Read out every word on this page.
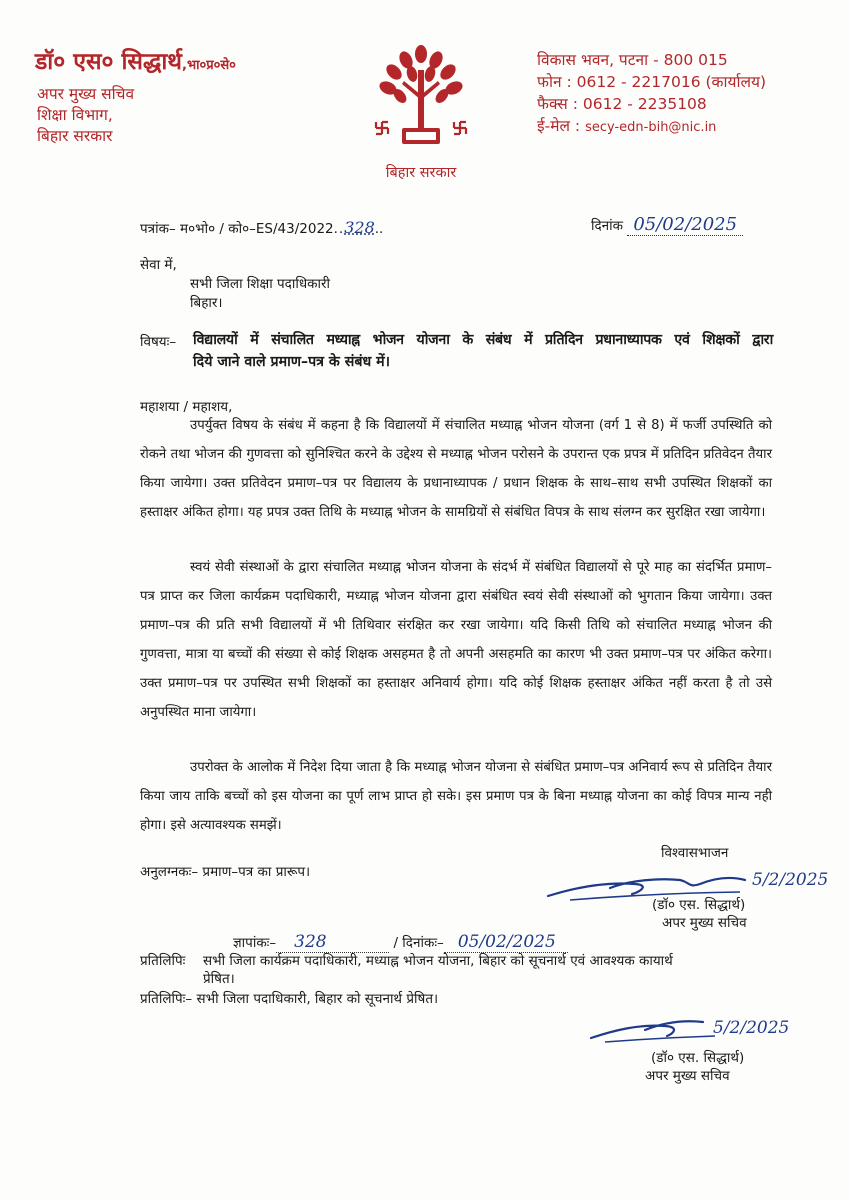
डॉ० एस० सिद्धार्थ,भा०प्र०से०
अपर मुख्य सचिव
शिक्षा विभाग,
बिहार सरकार
बिहार सरकार
विकास भवन, पटना - 800 015
फोन : 0612 - 2217016 (कार्यालय)
फैक्स : 0612 - 2235108
ई-मेल : secy-edn-bih@nic.in
पत्रांक– म०भो० / को०–ES/43/2022..328..	दिनांक 05/02/2025
सेवा में,
सभी जिला शिक्षा पदाधिकारी
बिहार।
विषयः– विद्यालयों में संचालित मध्याह्न भोजन योजना के संबंध में प्रतिदिन प्रधानाध्यापक एवं शिक्षकों द्वारा
दिये जाने वाले प्रमाण–पत्र के संबंध में।
महाशया / महाशय,

उपर्युक्त विषय के संबंध में कहना है कि विद्यालयों में संचालित मध्याह्न भोजन योजना (वर्ग 1 से 8) में फर्जी उपस्थिति को रोकने तथा भोजन की गुणवत्ता को सुनिश्चित करने के उद्देश्य से मध्याह्न भोजन परोसने के उपरान्त एक प्रपत्र में प्रतिदिन प्रतिवेदन तैयार किया जायेगा। उक्त प्रतिवेदन प्रमाण–पत्र पर विद्यालय के प्रधानाध्यापक / प्रधान शिक्षक के साथ–साथ सभी उपस्थित शिक्षकों का हस्ताक्षर अंकित होगा। यह प्रपत्र उक्त तिथि के मध्याह्न भोजन के सामग्रियों से संबंधित विपत्र के साथ संलग्न कर सुरक्षित रखा जायेगा।

स्वयं सेवी संस्थाओं के द्वारा संचालित मध्याह्न भोजन योजना के संदर्भ में संबंधित विद्यालयों से पूरे माह का संदर्भित प्रमाण–पत्र प्राप्त कर जिला कार्यक्रम पदाधिकारी, मध्याह्न भोजन योजना द्वारा संबंधित स्वयं सेवी संस्थाओं को भुगतान किया जायेगा। उक्त प्रमाण–पत्र की प्रति सभी विद्यालयों में भी तिथिवार संरक्षित कर रखा जायेगा। यदि किसी तिथि को संचालित मध्याह्न भोजन की गुणवत्ता, मात्रा या बच्चों की संख्या से कोई शिक्षक असहमत है तो अपनी असहमति का कारण भी उक्त प्रमाण–पत्र पर अंकित करेगा। उक्त प्रमाण–पत्र पर उपस्थित सभी शिक्षकों का हस्ताक्षर अनिवार्य होगा। यदि कोई शिक्षक हस्ताक्षर अंकित नहीं करता है तो उसे अनुपस्थित माना जायेगा।

उपरोक्त के आलोक में निदेश दिया जाता है कि मध्याह्न भोजन योजना से संबंधित प्रमाण–पत्र अनिवार्य रूप से प्रतिदिन तैयार किया जाय ताकि बच्चों को इस योजना का पूर्ण लाभ प्राप्त हो सके। इस प्रमाण पत्र के बिना मध्याह्न योजना का कोई विपत्र मान्य नही होगा। इसे अत्यावश्यक समझें।

विश्वासभाजन
अनुलग्नकः– प्रमाण–पत्र का प्रारूप।	5/2/2025
(डॉ० एस. सिद्धार्थ)
अपर मुख्य सचिव
ज्ञापांकः– 328	/ दिनांकः– 05/02/2025
प्रतिलिपिः सभी जिला कार्यक्रम पदाधिकारी, मध्याह्न भोजन योजना, बिहार को सूचनार्थ एवं आवश्यक कायार्थ
प्रेषित।
प्रतिलिपिः– सभी जिला पदाधिकारी, बिहार को सूचनार्थ प्रेषित।
5/2/2025
(डॉ० एस. सिद्धार्थ)
अपर मुख्य सचिव
